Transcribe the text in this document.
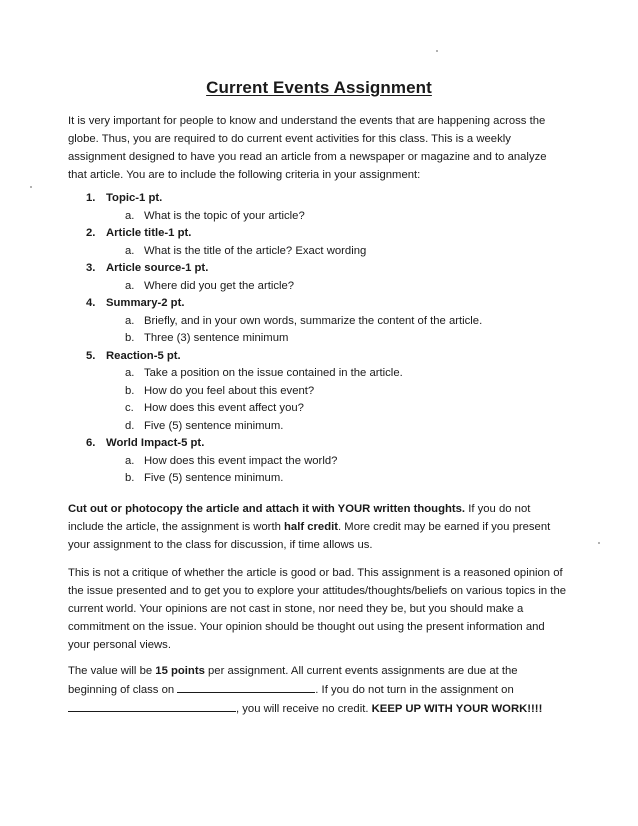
Current Events Assignment

It is very important for people to know and understand the events that are happening across the globe. Thus, you are required to do current event activities for this class. This is a weekly assignment designed to have you read an article from a newspaper or magazine and to analyze that article. You are to include the following criteria in your assignment:

1. Topic-1 pt.
a. What is the topic of your article?
2. Article title-1 pt.
a. What is the title of the article? Exact wording
3. Article source-1 pt.
a. Where did you get the article?
4. Summary-2 pt.
a. Briefly, and in your own words, summarize the content of the article.
b. Three (3) sentence minimum
5. Reaction-5 pt.
a. Take a position on the issue contained in the article.
b. How do you feel about this event?
c. How does this event affect you?
d. Five (5) sentence minimum.
6. World Impact-5 pt.
a. How does this event impact the world?
b. Five (5) sentence minimum.

Cut out or photocopy the article and attach it with YOUR written thoughts. If you do not include the article, the assignment is worth half credit. More credit may be earned if you present your assignment to the class for discussion, if time allows us.

This is not a critique of whether the article is good or bad. This assignment is a reasoned opinion of the issue presented and to get you to explore your attitudes/thoughts/beliefs on various topics in the current world. Your opinions are not cast in stone, nor need they be, but you should make a commitment on the issue. Your opinion should be thought out using the present information and your personal views.

The value will be 15 points per assignment. All current events assignments are due at the beginning of class on	. If you do not turn in the assignment on , you will receive no credit. KEEP UP WITH YOUR WORK!!!!
